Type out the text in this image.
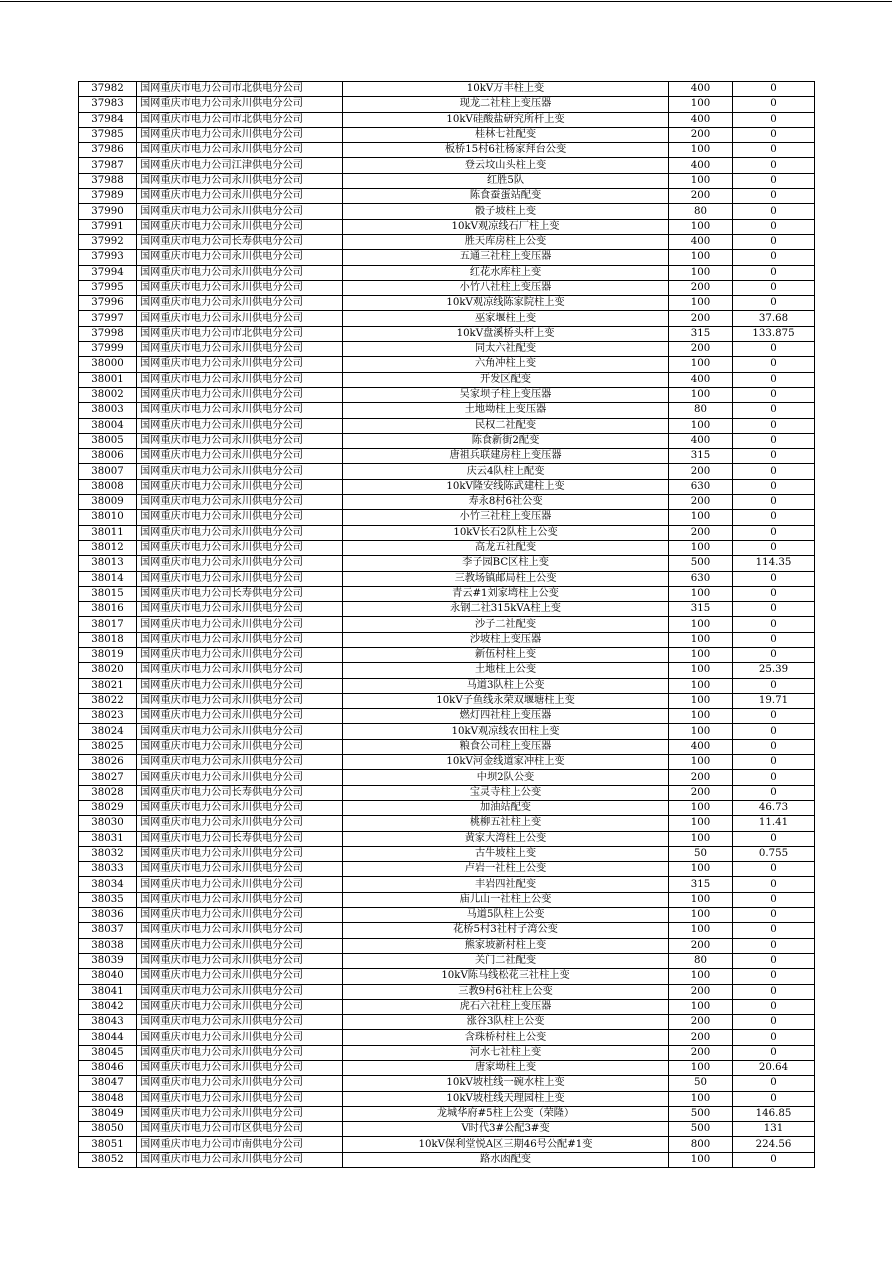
37982	国网重庆市电力公司市北供电分公司	10kV万丰柱上变	400	0
37983	国网重庆市电力公司永川供电分公司	现龙二社柱上变压器	100	0
37984	国网重庆市电力公司市北供电分公司	10kV硅酸盐研究所杆上变	400	0
37985	国网重庆市电力公司永川供电分公司	桂林七社配变	200	0
37986	国网重庆市电力公司永川供电分公司	板桥15村6社杨家拜台公变	100	0
37987	国网重庆市电力公司江津供电分公司	登云坟山头柱上变	400	0
37988	国网重庆市电力公司永川供电分公司	红胜5队	100	0
37989	国网重庆市电力公司永川供电分公司	陈食蚕蛋站配变	200	0
37990	国网重庆市电力公司永川供电分公司	骰子坡柱上变	80	0
37991	国网重庆市电力公司永川供电分公司	10kV观凉线石厂柱上变	100	0
37992	国网重庆市电力公司长寿供电分公司	胜天库房柱上公变	400	0
37993	国网重庆市电力公司永川供电分公司	五通三社柱上变压器	100	0
37994	国网重庆市电力公司永川供电分公司	红花水库柱上变	100	0
37995	国网重庆市电力公司永川供电分公司	小竹八社柱上变压器	200	0
37996	国网重庆市电力公司永川供电分公司	10kV观凉线陈家院柱上变	100	0
37997	国网重庆市电力公司永川供电分公司	巫家堰柱上变	200	37.68
37998	国网重庆市电力公司市北供电分公司	10kV盘溪桥头杆上变	315	133.875
37999	国网重庆市电力公司永川供电分公司	同太六社配变	200	0
38000	国网重庆市电力公司永川供电分公司	六角冲柱上变	100	0
38001	国网重庆市电力公司永川供电分公司	开发区配变	400	0
38002	国网重庆市电力公司永川供电分公司	吴家坝子柱上变压器	100	0
38003	国网重庆市电力公司永川供电分公司	土地坳柱上变压器	80	0
38004	国网重庆市电力公司永川供电分公司	民权二社配变	100	0
38005	国网重庆市电力公司永川供电分公司	陈食新街2配变	400	0
38006	国网重庆市电力公司永川供电分公司	唐祖兵联建房柱上变压器	315	0
38007	国网重庆市电力公司永川供电分公司	庆云4队柱上配变	200	0
38008	国网重庆市电力公司永川供电分公司	10kV隆安线陈武建柱上变	630	0
38009	国网重庆市电力公司永川供电分公司	寿永8村6社公变	200	0
38010	国网重庆市电力公司永川供电分公司	小竹三社柱上变压器	100	0
38011	国网重庆市电力公司永川供电分公司	10kV长石2队柱上公变	200	0
38012	国网重庆市电力公司永川供电分公司	高龙五社配变	100	0
38013	国网重庆市电力公司永川供电分公司	李子园BC区柱上变	500	114.35
38014	国网重庆市电力公司永川供电分公司	三教场镇邮局柱上公变	630	0
38015	国网重庆市电力公司长寿供电分公司	青云#1刘家塆柱上公变	100	0
38016	国网重庆市电力公司永川供电分公司	永钢二社315kVA柱上变	315	0
38017	国网重庆市电力公司永川供电分公司	沙子二社配变	100	0
38018	国网重庆市电力公司永川供电分公司	沙坡柱上变压器	100	0
38019	国网重庆市电力公司永川供电分公司	新伍村柱上变	100	0
38020	国网重庆市电力公司永川供电分公司	土地柱上公变	100	25.39
38021	国网重庆市电力公司永川供电分公司	马道3队柱上公变	100	0
38022	国网重庆市电力公司永川供电分公司	10kV子鱼线永荣双堰塘柱上变	100	19.71
38023	国网重庆市电力公司永川供电分公司	燃灯四社柱上变压器	100	0
38024	国网重庆市电力公司永川供电分公司	10kV观凉线农田柱上变	100	0
38025	国网重庆市电力公司永川供电分公司	粮食公司柱上变压器	400	0
38026	国网重庆市电力公司永川供电分公司	10kV河金线道家冲柱上变	100	0
38027	国网重庆市电力公司永川供电分公司	中坝2队公变	200	0
38028	国网重庆市电力公司长寿供电分公司	宝灵寺柱上公变	200	0
38029	国网重庆市电力公司永川供电分公司	加油站配变	100	46.73
38030	国网重庆市电力公司永川供电分公司	桃柳五社柱上变	100	11.41
38031	国网重庆市电力公司长寿供电分公司	黄家大湾柱上公变	100	0
38032	国网重庆市电力公司永川供电分公司	古牛坡柱上变	50	0.755
38033	国网重庆市电力公司永川供电分公司	卢岩一社柱上公变	100	0
38034	国网重庆市电力公司永川供电分公司	丰岩四社配变	315	0
38035	国网重庆市电力公司永川供电分公司	庙儿山一社柱上公变	100	0
38036	国网重庆市电力公司永川供电分公司	马道5队柱上公变	100	0
38037	国网重庆市电力公司永川供电分公司	花桥5村3社村子湾公变	100	0
38038	国网重庆市电力公司永川供电分公司	熊家坡新村柱上变	200	0
38039	国网重庆市电力公司永川供电分公司	关门二社配变	80	0
38040	国网重庆市电力公司永川供电分公司	10kV陈马线松花三社柱上变	100	0
38041	国网重庆市电力公司永川供电分公司	三教9村6社柱上公变	200	0
38042	国网重庆市电力公司永川供电分公司	虎石六社柱上变压器	100	0
38043	国网重庆市电力公司永川供电分公司	涨谷3队柱上公变	200	0
38044	国网重庆市电力公司永川供电分公司	含珠桥村柱上公变	200	0
38045	国网重庆市电力公司永川供电分公司	河水七社柱上变	200	0
38046	国网重庆市电力公司永川供电分公司	唐家坳柱上变	100	20.64
38047	国网重庆市电力公司永川供电分公司	10kV坡杜线一碗水柱上变	50	0
38048	国网重庆市电力公司永川供电分公司	10kV坡杜线天理园柱上变	100	0
38049	国网重庆市电力公司永川供电分公司	龙城华府#5柱上公变（荣隆）	500	146.85
38050	国网重庆市电力公司市区供电分公司	V时代3#公配3#变	500	131
38051	国网重庆市电力公司市南供电分公司	10kV保利堂悦A区三期46号公配#1变	800	224.56
38052	国网重庆市电力公司永川供电分公司	路水凼配变	100	0
